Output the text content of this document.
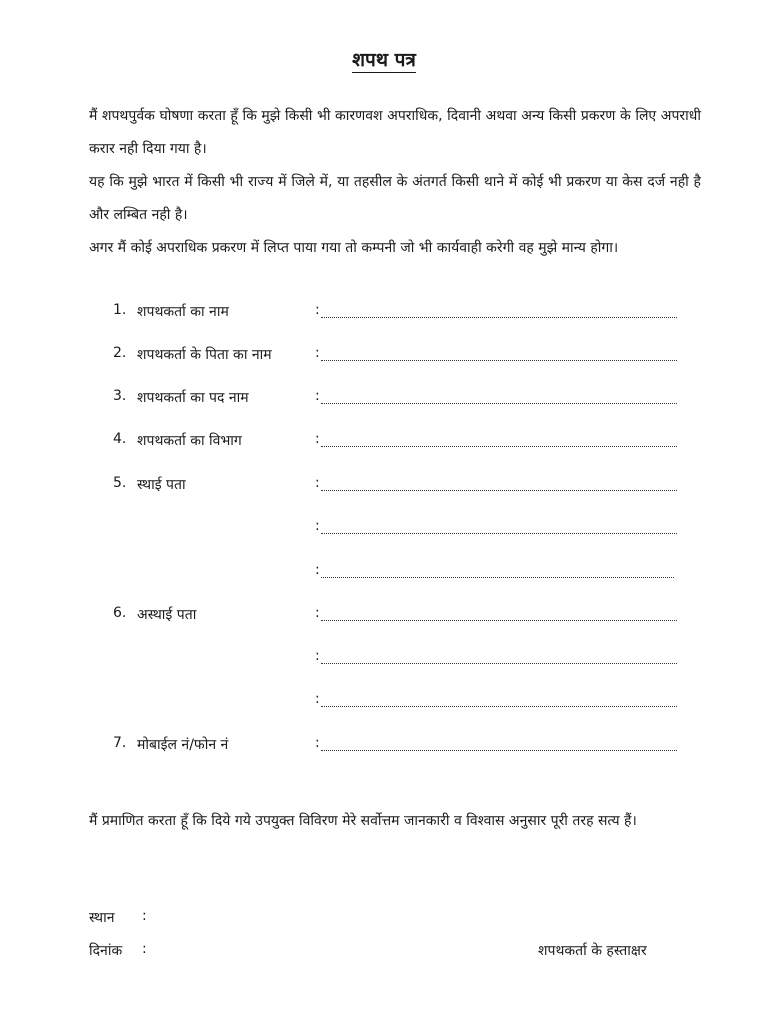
शपथ पत्र

मैं शपथपुर्वक घोषणा करता हूँ कि मुझे किसी भी कारणवश अपराधिक, दिवानी अथवा अन्य किसी प्रकरण के लिए अपराधी करार नही दिया गया है।

यह कि मुझे भारत में किसी भी राज्य में जिले में, या तहसील के अंतगर्त किसी थाने में कोई भी प्रकरण या केस दर्ज नही है और लम्बित नही है।

अगर मैं कोई अपराधिक प्रकरण में लिप्त पाया गया तो कम्पनी जो भी कार्यवाही करेगी वह मुझे मान्य होगा।

1. शपथकर्ता का नाम	:
2. शपथकर्ता के पिता का नाम	:
3. शपथकर्ता का पद नाम	:
4. शपथकर्ता का विभाग	:
5. स्थाई पता	:
:
:
6. अस्थाई पता	:
:
:
7. मोबाईल नं/फोन नं	:

मैं प्रमाणित करता हूँ कि दिये गये उपयुक्त विविरण मेरे सर्वोत्तम जानकारी व विश्वास अनुसार पूरी तरह सत्य हैं।

स्थान :
दिनांक :	शपथकर्ता के हस्ताक्षर
